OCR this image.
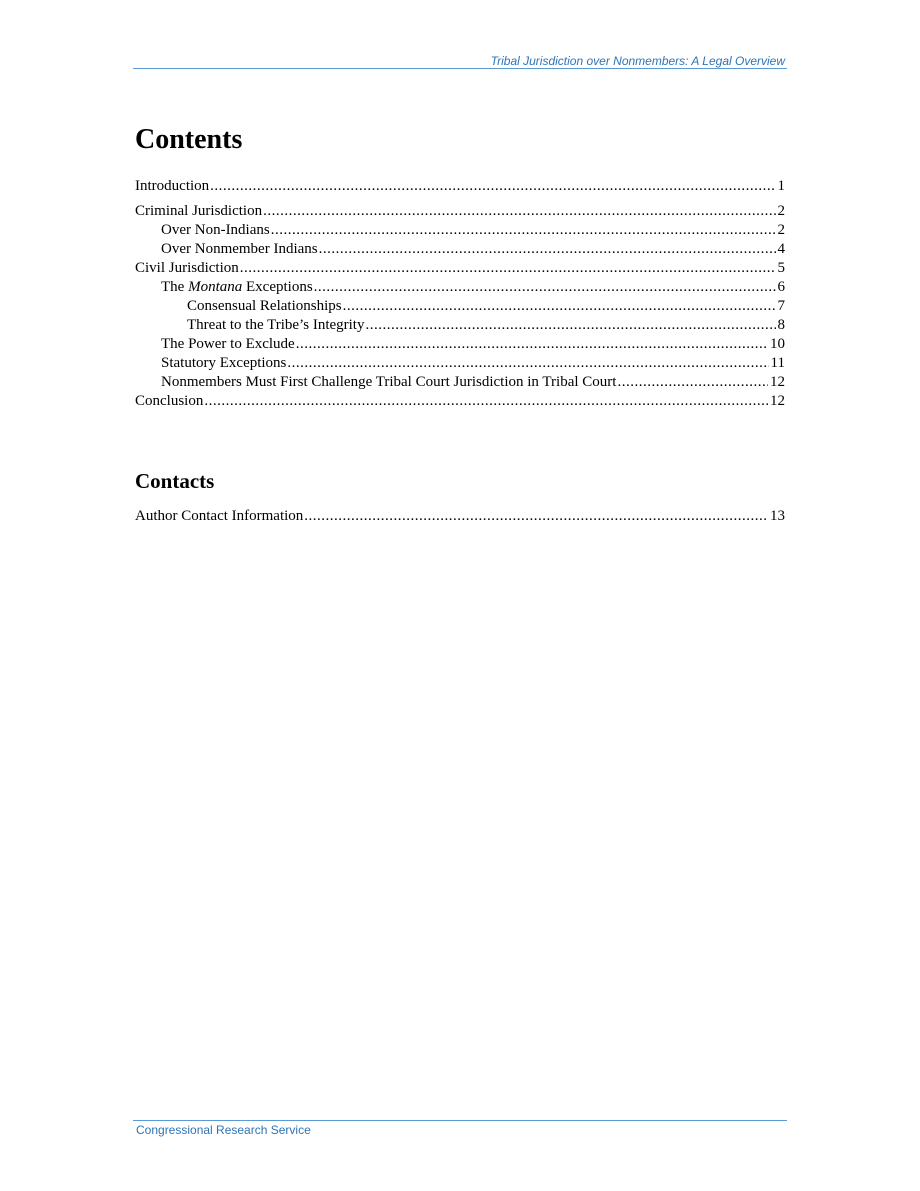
Tribal Jurisdiction over Nonmembers: A Legal Overview
Contents
Introduction .....	1
Criminal Jurisdiction .....	2
Over Non-Indians .....	2
Over Nonmember Indians .....	4
Civil Jurisdiction .....	5
The Montana Exceptions .....	6
Consensual Relationships .....	7
Threat to the Tribe’s Integrity .....	8
The Power to Exclude .....	10
Statutory Exceptions .....	11
Nonmembers Must First Challenge Tribal Court Jurisdiction in Tribal Court .....	12
Conclusion .....	12
Contacts
Author Contact Information .....	13
Congressional Research Service
